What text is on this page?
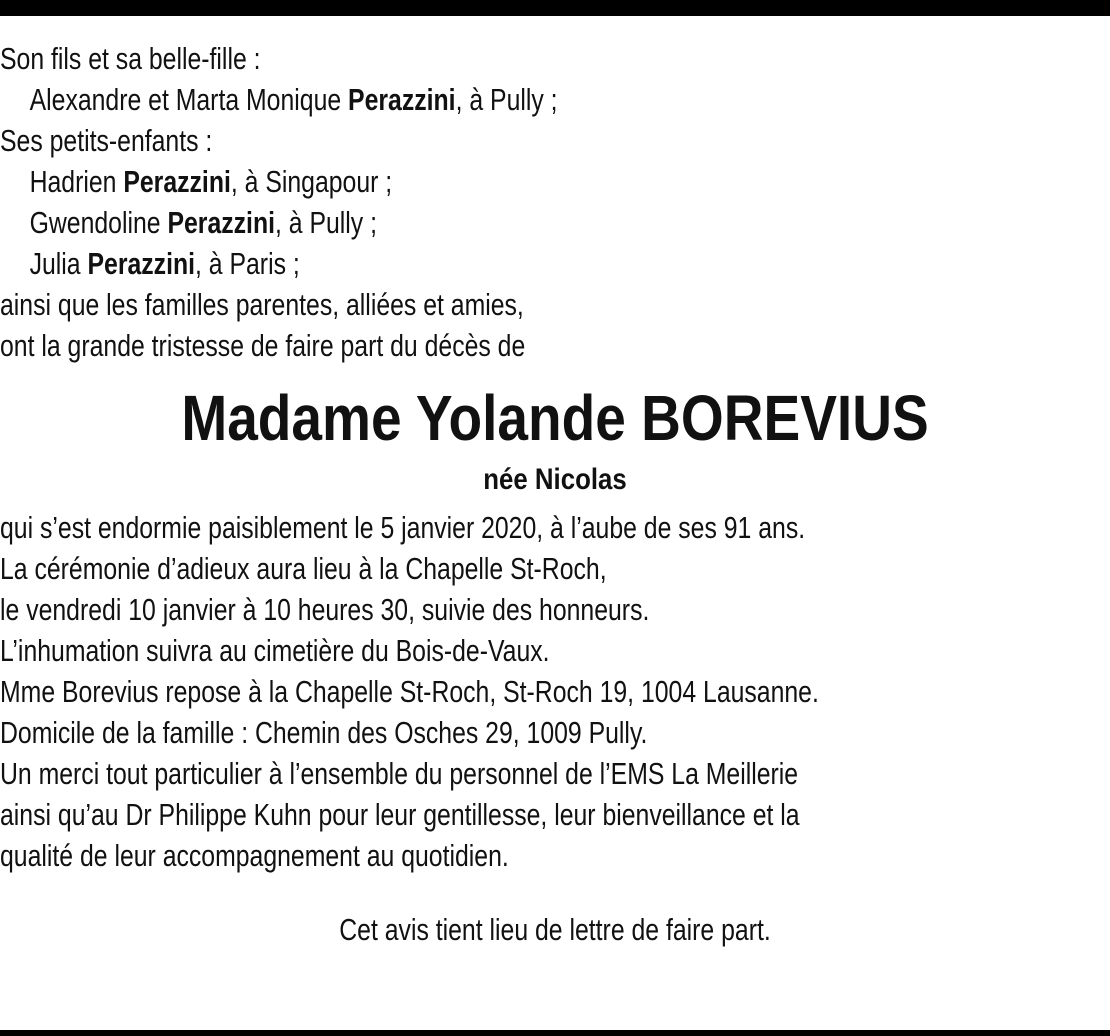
Son fils et sa belle-fille :
Alexandre et Marta Monique Perazzini, à Pully ;
Ses petits-enfants :
Hadrien Perazzini, à Singapour ;
Gwendoline Perazzini, à Pully ;
Julia Perazzini, à Paris ;
ainsi que les familles parentes, alliées et amies,
ont la grande tristesse de faire part du décès de
Madame Yolande BOREVIUS
née Nicolas
qui s’est endormie paisiblement le 5 janvier 2020, à l’aube de ses 91 ans.
La cérémonie d’adieux aura lieu à la Chapelle St-Roch,
le vendredi 10 janvier à 10 heures 30, suivie des honneurs.
L’inhumation suivra au cimetière du Bois-de-Vaux.
Mme Borevius repose à la Chapelle St-Roch, St-Roch 19, 1004 Lausanne.
Domicile de la famille : Chemin des Osches 29, 1009 Pully.
Un merci tout particulier à l’ensemble du personnel de l’EMS La Meillerie
ainsi qu’au Dr Philippe Kuhn pour leur gentillesse, leur bienveillance et la
qualité de leur accompagnement au quotidien.
Cet avis tient lieu de lettre de faire part.
